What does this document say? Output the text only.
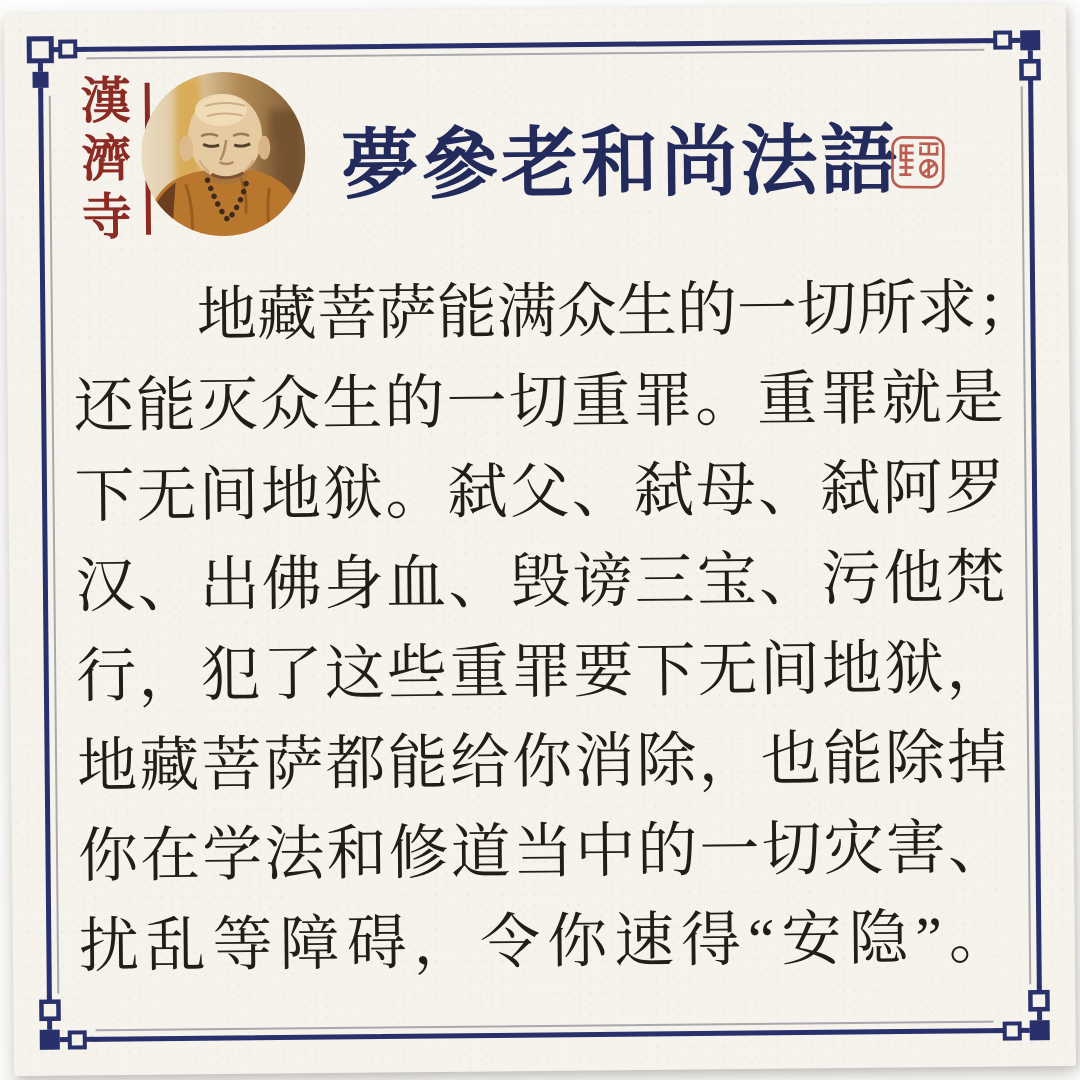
漢
濟
寺
夢參老和尚法語
地藏菩萨能满众生的一切所求；
还能灭众生的一切重罪。重罪就是
下无间地狱。弑父、弑母、弑阿罗
汉、出佛身血、毁谤三宝、污他梵
行，犯了这些重罪要下无间地狱，
地藏菩萨都能给你消除，也能除掉
你在学法和修道当中的一切灾害、
扰乱等障碍，令你速得“安隐”。
